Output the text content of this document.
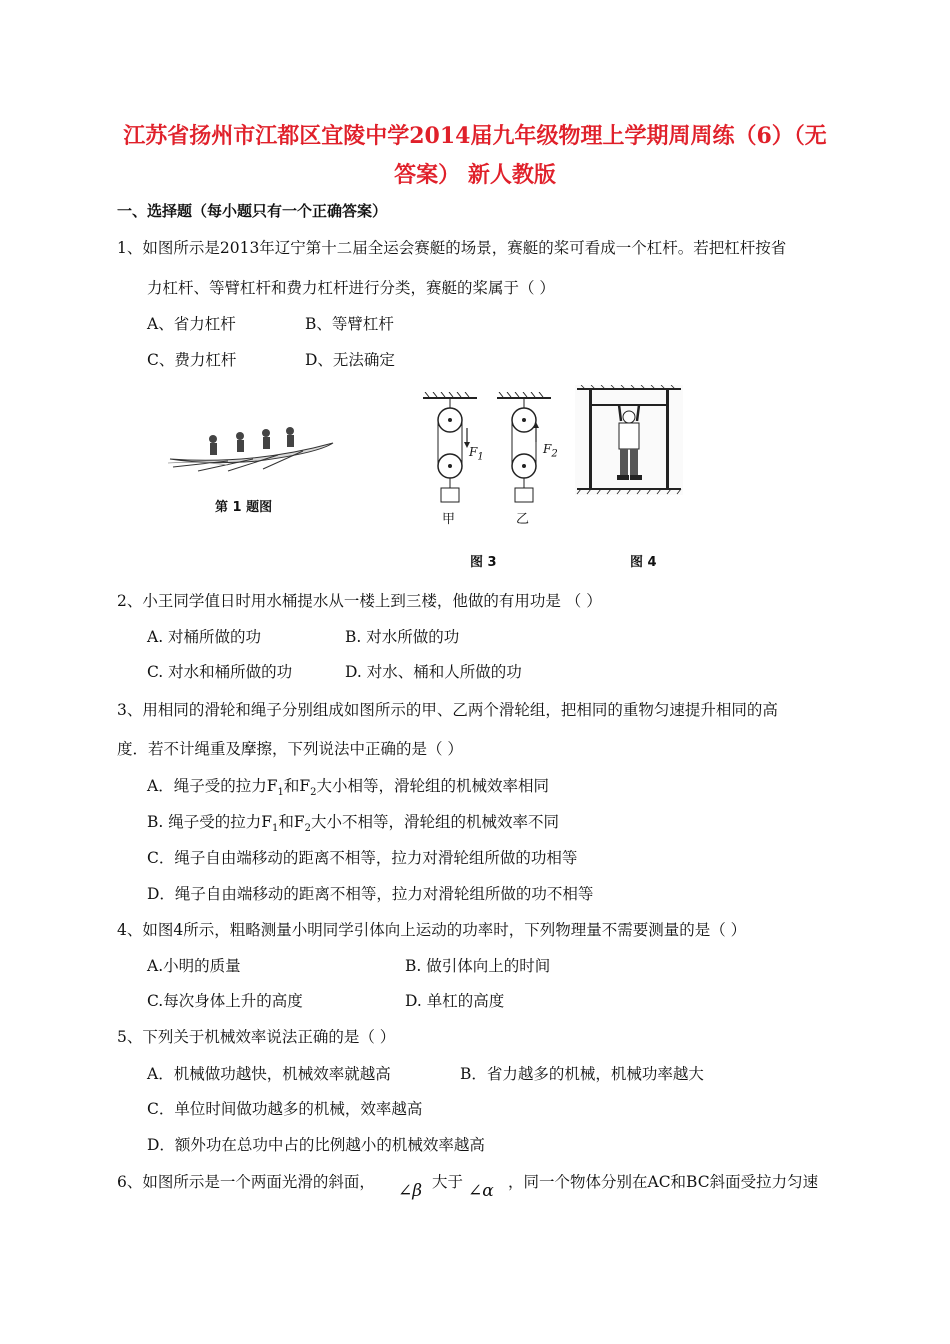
江苏省扬州市江都区宜陵中学2014届九年级物理上学期周周练（6）（无
答案） 新人教版
一、选择题（每小题只有一个正确答案）
1、如图所示是2013年辽宁第十二届全运会赛艇的场景，赛艇的桨可看成一个杠杆。若把杠杆按省
力杠杆、等臂杠杆和费力杠杆进行分类，赛艇的桨属于（ ）
A、省力杠杆	B、等臂杠杆
C、费力杠杆	D、无法确定
第 1 题图
$F_1$
$F_2$
甲	乙
图 3	图 4
2、小王同学值日时用水桶提水从一楼上到三楼，他做的有用功是 （ ）
A. 对桶所做的功	B. 对水所做的功
C. 对水和桶所做的功	D. 对水、桶和人所做的功
3、用相同的滑轮和绳子分别组成如图所示的甲、乙两个滑轮组，把相同的重物匀速提升相同的高
度．若不计绳重及摩擦，下列说法中正确的是（ ）
A．绳子受的拉力$F_1$和$F_2$大小相等，滑轮组的机械效率相同
B. 绳子受的拉力$F_1$和$F_2$大小不相等，滑轮组的机械效率不同
C．绳子自由端移动的距离不相等，拉力对滑轮组所做的功相等
D．绳子自由端移动的距离不相等，拉力对滑轮组所做的功不相等
4、如图4所示，粗略测量小明同学引体向上运动的功率时，下列物理量不需要测量的是（ ）
A.小明的质量	B. 做引体向上的时间
C.每次身体上升的高度	D. 单杠的高度
5、下列关于机械效率说法正确的是（ ）
A．机械做功越快，机械效率就越高	B．省力越多的机械，机械功率越大
C．单位时间做功越多的机械，效率越高
D．额外功在总功中占的比例越小的机械效率越高
6、如图所示是一个两面光滑的斜面，	∠β 大于 ∠α ，同一个物体分别在AC和BC斜面受拉力匀速
